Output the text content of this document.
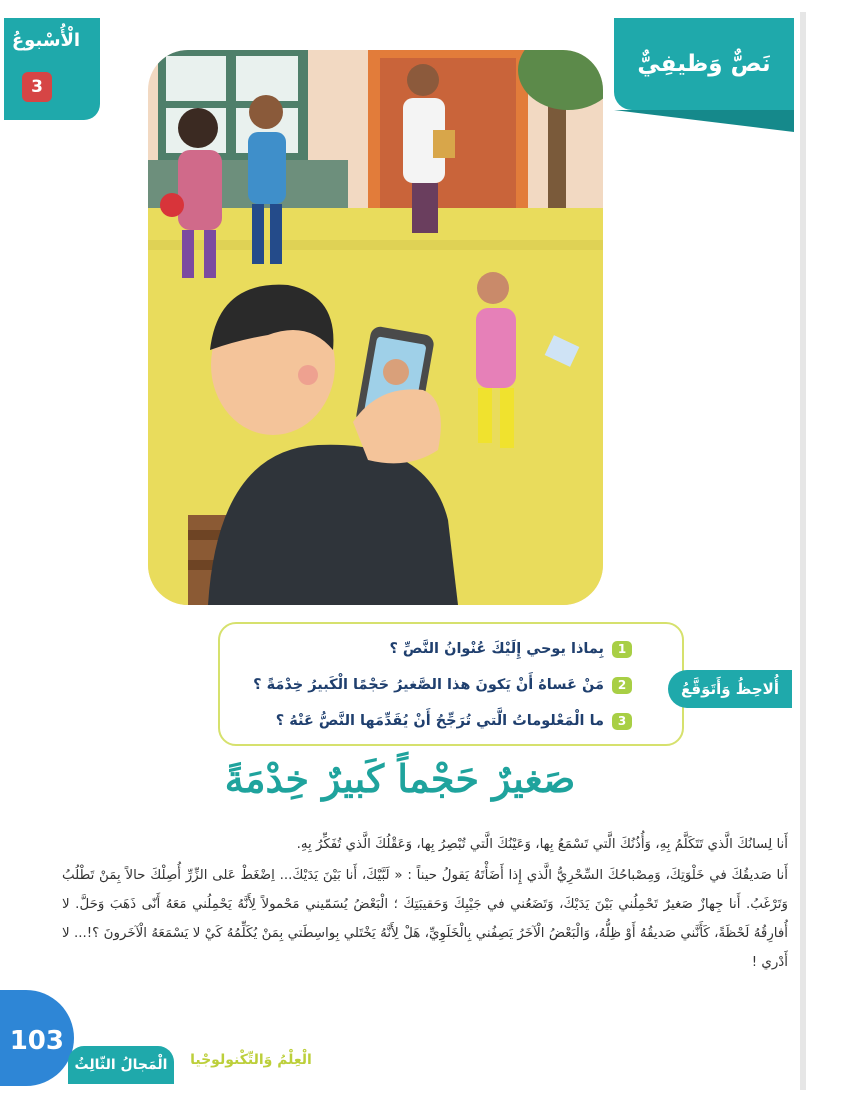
نَصٌّ وَظيفِيٌّ
الْأُسْبوعُ
3
أُلاحِظُ وَأَتَوَقَّعُ
1
بِماذا يوحي إِلَيْكَ عُنْوانُ النَّصِّ ؟
2
مَنْ عَساهُ أَنْ يَكونَ هذا الصَّغيرُ حَجْمًا الْكَبيرُ خِدْمَةً ؟
3
ما الْمَعْلوماتُ الَّتي تُرَجِّحُ أَنْ يُقَدِّمَها النَّصُّ عَنْهُ ؟
صَغيرٌ حَجْماً كَبيرٌ خِدْمَةً

أَنا لِسانُكَ الَّذي تَتَكَلَّمُ بِهِ، وَأُذُنُكَ الَّتي تَسْمَعُ بِها، وَعَيْنُكَ الَّتي تُبْصِرُ بِها، وَعَقْلُكَ الَّذي تُفَكِّرُ بِهِ.

أَنا صَديقُكَ في خَلْوَتِكَ، وَمِصْباحُكَ السِّحْرِيُّ الَّذي إِذا أَضَأْتَهُ يَقولُ حيناً : « لَبَّيْكَ، أَنا بَيْنَ يَدَيْكَ... اِضْغَطْ عَلى الزِّرِّ أُصِلْكَ حالاً بِمَنْ تَطْلُبُ وَتَرْغَبُ. أَنا جِهازٌ صَغيرٌ تَحْمِلُني بَيْنَ يَدَيْكَ، وَتَضَعُني في جَيْبِكَ وَحَقيبَتِكَ ؛ الْبَعْضُ يُسَمّيني مَحْمولاً لِأَنَّهُ يَحْمِلُني مَعَهُ أَنّى ذَهَبَ وَحَلَّ. لا أُفارِقُهُ لَحْظَةً، كَأَنَّني صَديقُهُ أَوْ ظِلُّهُ، وَالْبَعْضُ الْآخَرُ يَصِفُني بِالْخَلَوِيِّ، هَلْ لِأَنَّهُ يَخْتَلي بِواسِطَتي بِمَنْ يُكَلِّمُهُ كَيْ لا يَسْمَعَهُ الْآخَرونَ ؟!... لا أَدْري !

103
الْمَجالُ الثّالِثُ	الْعِلْمُ وَالتِّكْنولوجْيا
